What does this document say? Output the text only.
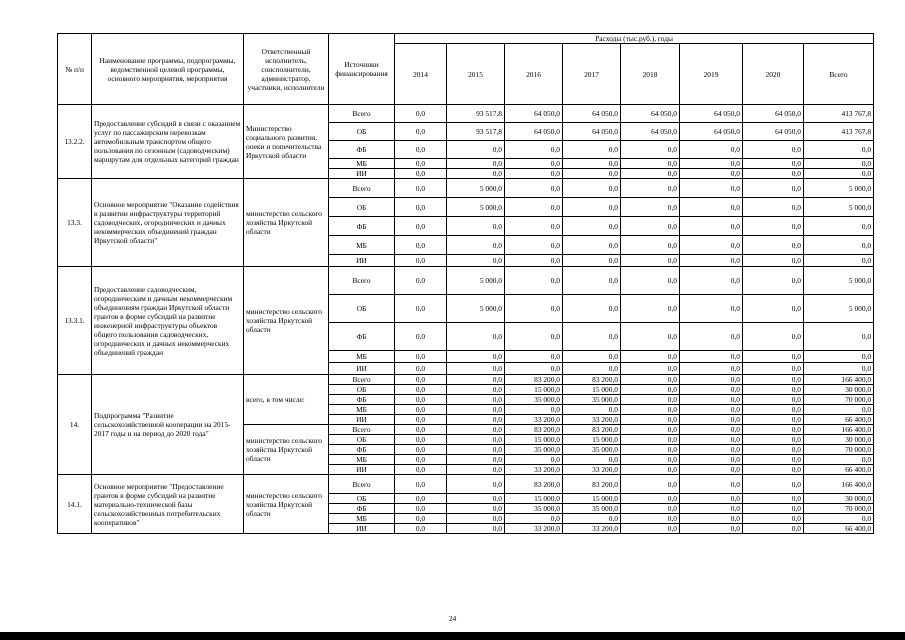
№ п/п	Наименование программы, подпрограммы, ведомственной целевой программы, основного мероприятия, мероприятия	Ответственный исполнитель, соисполнители, администратор, участники, исполнители	Источники финансирования	Расходы (тыс.руб.), годы							
				2014	2015	2016	2017	2018	2019	2020	Всего
13.2.2.	Предоставление субсидий в связи с оказанием услуг по пассажирским перевозкам автомобильным транспортом общего пользования по сезонным (садоводческим) маршрутам для отдельных категорий граждан	Министерство социального развития, опеки и попечительства Иркутской области	Всего	0,0	93 517,8	64 050,0	64 050,0	64 050,0	64 050,0	64 050,0	413 767,8
			ОБ	0,0	93 517,8	64 050,0	64 050,0	64 050,0	64 050,0	64 050,0	413 767,8
			ФБ	0,0	0,0	0,0	0,0	0,0	0,0	0,0	0,0
			МБ	0,0	0,0	0,0	0,0	0,0	0,0	0,0	0,0
			ИИ	0,0	0,0	0,0	0,0	0,0	0,0	0,0	0,0
13.3.	Основное мероприятие "Оказание содействия в развитии инфраструктуры территорий садоводческих, огороднических и дачных некоммерческих объединений граждан Иркутской области"	министерство сельского хозяйства Иркутской области	Всего	0,0	5 000,0	0,0	0,0	0,0	0,0	0,0	5 000,0
			ОБ	0,0	5 000,0	0,0	0,0	0,0	0,0	0,0	5 000,0
			ФБ	0,0	0,0	0,0	0,0	0,0	0,0	0,0	0,0
			МБ	0,0	0,0	0,0	0,0	0,0	0,0	0,0	0,0
			ИИ	0,0	0,0	0,0	0,0	0,0	0,0	0,0	0,0
13.3.1.	Предоставление садоводческим, огородническим и дачным некоммерческим объединениям граждан Иркутской области грантов в форме субсидий на развитие инженерной инфраструктуры объектов общего пользования садоводческих, огороднических и дачных некоммерческих объединений граждан	министерство сельского хозяйства Иркутской области	Всего	0,0	5 000,0	0,0	0,0	0,0	0,0	0,0	5 000,0
			ОБ	0,0	5 000,0	0,0	0,0	0,0	0,0	0,0	5 000,0
			ФБ	0,0	0,0	0,0	0,0	0,0	0,0	0,0	0,0
			МБ	0,0	0,0	0,0	0,0	0,0	0,0	0,0	0,0
			ИИ	0,0	0,0	0,0	0,0	0,0	0,0	0,0	0,0
14.	Подпрограмма "Развитие сельскохозяйственной кооперации на 2015-2017 годы и на период до 2020 года"	всего, в том числе:	Всего	0,0	0,0	83 200,0	83 200,0	0,0	0,0	0,0	166 400,0
			ОБ	0,0	0,0	15 000,0	15 000,0	0,0	0,0	0,0	30 000,0
			ФБ	0,0	0,0	35 000,0	35 000,0	0,0	0,0	0,0	70 000,0
			МБ	0,0	0,0	0,0	0,0	0,0	0,0	0,0	0,0
			ИИ	0,0	0,0	33 200,0	33 200,0	0,0	0,0	0,0	66 400,0
		министерство сельского хозяйства Иркутской области	Всего	0,0	0,0	83 200,0	83 200,0	0,0	0,0	0,0	166 400,0
			ОБ	0,0	0,0	15 000,0	15 000,0	0,0	0,0	0,0	30 000,0
			ФБ	0,0	0,0	35 000,0	35 000,0	0,0	0,0	0,0	70 000,0
			МБ	0,0	0,0	0,0	0,0	0,0	0,0	0,0	0,0
			ИИ	0,0	0,0	33 200,0	33 200,0	0,0	0,0	0,0	66 400,0
14.1.	Основное мероприятие "Предоставление грантов в форме субсидий на развитие материально-технической базы сельскохозяйственных потребительских кооперативов"	министерство сельского хозяйства Иркутской области	Всего	0,0	0,0	83 200,0	83 200,0	0,0	0,0	0,0	166 400,0
			ОБ	0,0	0,0	15 000,0	15 000,0	0,0	0,0	0,0	30 000,0
			ФБ	0,0	0,0	35 000,0	35 000,0	0,0	0,0	0,0	70 000,0
			МБ	0,0	0,0	0,0	0,0	0,0	0,0	0,0	0,0
			ИИ	0,0	0,0	33 200,0	33 200,0	0,0	0,0	0,0	66 400,0
24
